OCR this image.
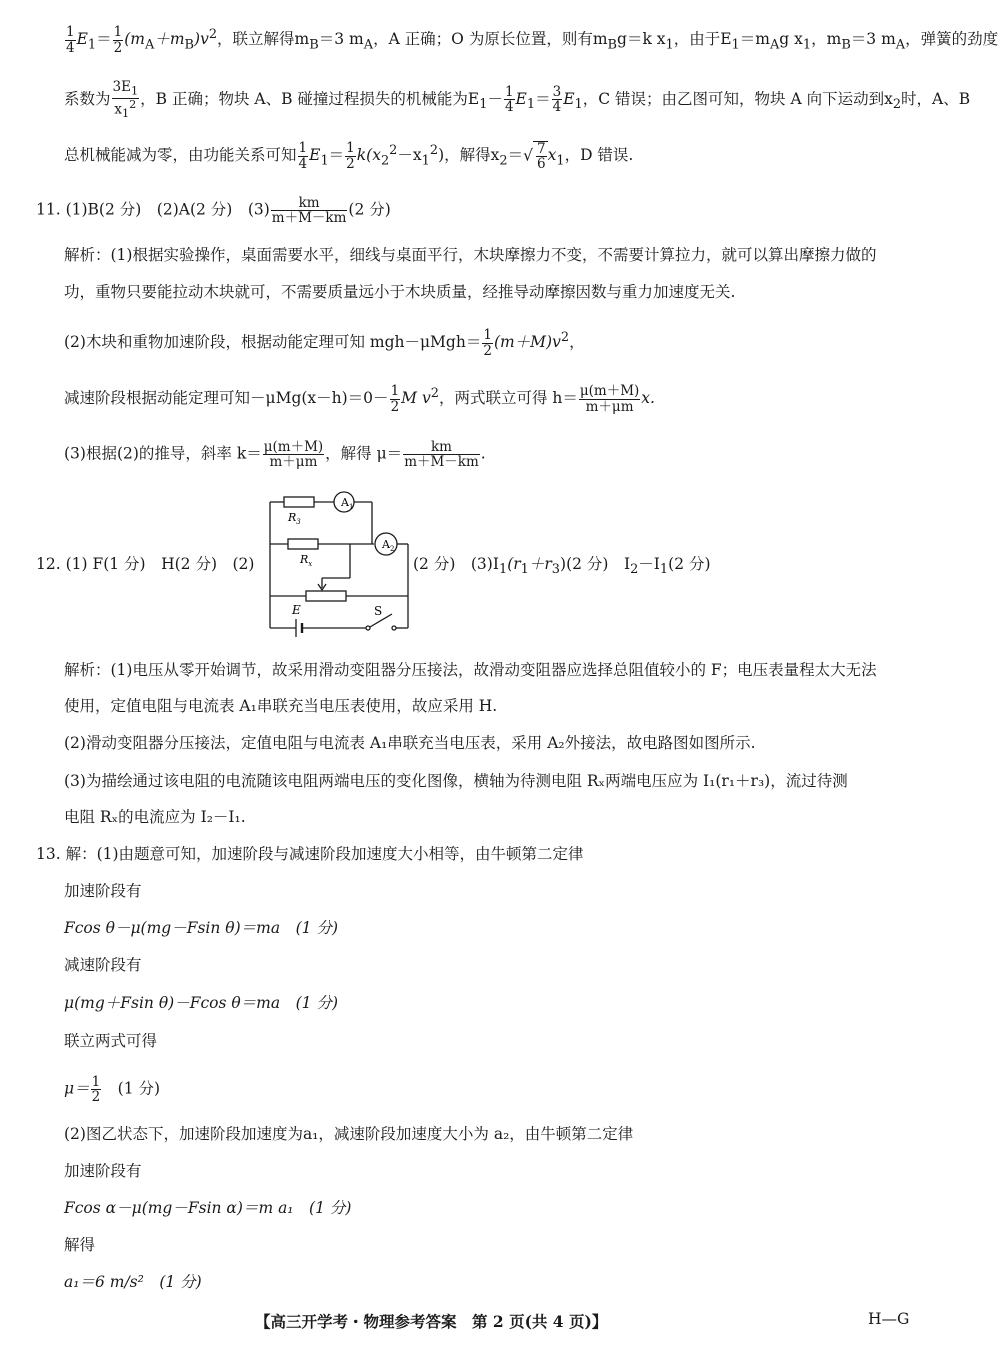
$\frac{1}{4} E_1= \frac{1}{2} (m_A+m_B)v^2$，联立解得$m_B=3$ $m_A$，A 正确；O 为原长位置，则有$m_Bg=k$ $x_1$，由于$E_1=m_Ag$ $x_1$，$m_B=3$ $m_A$，弹簧的劲度
系数为 $\frac{3E_1}{x_1^2}$ ，B 正确；物块 A、B 碰撞过程损失的机械能为$E_1- \frac{1}{4} E_1= \frac{3}{4} E_1$，C 错误；由乙图可知，物块 A 向下运动到$x_2$时，A、B
总机械能减为零，由功能关系可知 $\frac{1}{4} E_1= \frac{1}{2} k(x_2^2-x_1^2)$，解得$x_2=√ \frac{7}{6} x_1$，D 错误.
11. (1)B(2 分)　(2)A(2 分)　$(3) \frac{km}{m+M-km} (2$ 分)
解析：(1)根据实验操作，桌面需要水平，细线与桌面平行，木块摩擦力不变，不需要计算拉力，就可以算出摩擦力做的
功，重物只要能拉动木块就可，不需要质量远小于木块质量，经推导动摩擦因数与重力加速度无关.
(2)木块和重物加速阶段，根据动能定理可知 $mgh-\mu Mgh= \frac{1}{2} (m+M)v^2$，
减速阶段根据动能定理可知$-\mu Mg(x-h)=0- \frac{1}{2}$ M $v^2$，两式联立可得 $h= \frac{\mu(m+M)}{m+\mu m} x$.
(3)根据(2)的推导，斜率 $k= \frac{\mu(m+M)}{m+\mu m}$ ，解得 $\mu= \frac{km}{m+M-km}$ .
12. (1) F(1 分)　H(2 分)　(2)
$A_1$
$A_2$
$R_3$
$R_x$
E	S
(2 分)　$(3)I_1(r_1+r_3)(2$ 分)　$I_2-I_1(2$ 分)
解析：(1)电压从零开始调节，故采用滑动变阻器分压接法，故滑动变阻器应选择总阻值较小的 F；电压表量程太大无法
使用，定值电阻与电流表 A₁串联充当电压表使用，故应采用 H.
(2)滑动变阻器分压接法，定值电阻与电流表 A₁串联充当电压表，采用 A₂外接法，故电路图如图所示.
(3)为描绘通过该电阻的电流随该电阻两端电压的变化图像，横轴为待测电阻 Rₓ两端电压应为 I₁(r₁＋r₃)，流过待测
电阻 Rₓ的电流应为 I₂－I₁.
13. 解：(1)由题意可知，加速阶段与减速阶段加速度大小相等，由牛顿第二定律
加速阶段有
Fcos θ－μ(mg－Fsin θ)＝ma　(1 分)
减速阶段有
μ(mg＋Fsin θ)－Fcos θ＝ma　(1 分)
联立两式可得
$\mu= \frac{1}{2}$ 　(1 分)
(2)图乙状态下，加速阶段加速度为a₁，减速阶段加速度大小为 a₂，由牛顿第二定律
加速阶段有
Fcos α－μ(mg－Fsin α)＝m a₁　(1 分)
解得
a₁＝6 m/s²　(1 分)
【高三开学考・物理参考答案　第 2 页(共 4 页)】	H—G
